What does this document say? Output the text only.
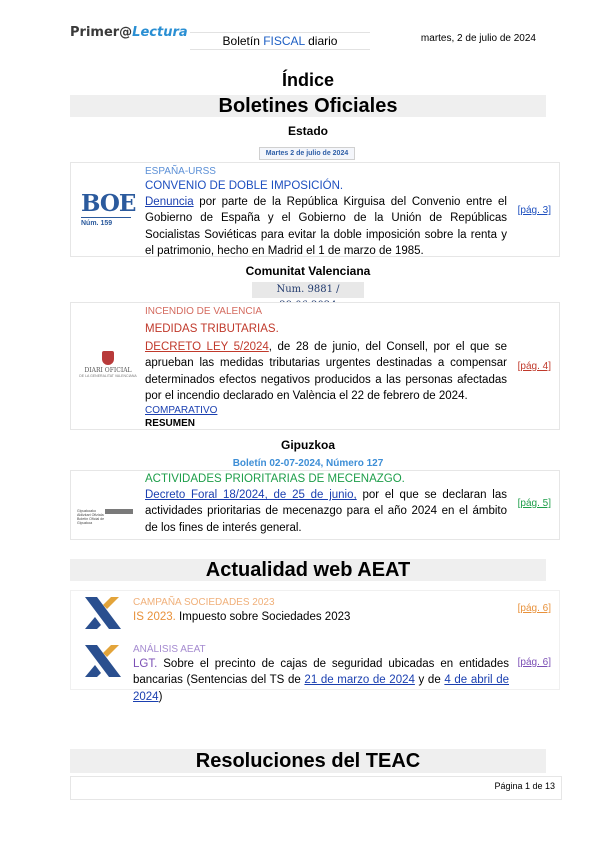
Primer@Lectura
Boletín FISCAL diario	martes, 2 de julio de 2024
Índice
Boletines Oficiales
Estado
Martes 2 de julio de 2024
BOE
Núm. 159
ESPAÑA-URSS
CONVENIO DE DOBLE IMPOSICIÓN.
Denuncia por parte de la República Kirguisa del Convenio entre el Gobierno de España y el Gobierno de la Unión de Repúblicas Socialistas Soviéticas para evitar la doble imposición sobre la renta y el patrimonio, hecho en Madrid el 1 de marzo de 1985.
[pág. 3]
Comunitat Valenciana
Num. 9881 /
DIARI OFICIAL
DE LA GENERALITAT VALENCIANA
INCENDIO DE VALENCIA
MEDIDAS TRIBUTARIAS.
DECRETO LEY 5/2024, de 28 de junio, del Consell, por el que se aprueban las medidas tributarias urgentes destinadas a compensar determinados efectos negativos producidos a las personas afectadas por el incendio declarado en València el 22 de febrero de 2024.
COMPARATIVO
RESUMEN
[pág. 4]
Gipuzkoa
Boletín 02-07-2024, Número 127
Gipuzkoako Aldizkari OfizialaBoletín Oficial de Gipuzkoa
ACTIVIDADES PRIORITARIAS DE MECENAZGO.
Decreto Foral 18/2024, de 25 de junio, por el que se declaran las actividades prioritarias de mecenazgo para el año 2024 en el ámbito de los fines de interés general.
[pág. 5]
Actualidad web AEAT
CAMPAÑA SOCIEDADES 2023
IS 2023. Impuesto sobre Sociedades 2023
[pág. 6]
ANÁLISIS AEAT
LGT. Sobre el precinto de cajas de seguridad ubicadas en entidades bancarias (Sentencias del TS de 21 de marzo de 2024 y de 4 de abril de 2024)
[pág. 6]
Resoluciones del TEAC
Página 1 de 13
